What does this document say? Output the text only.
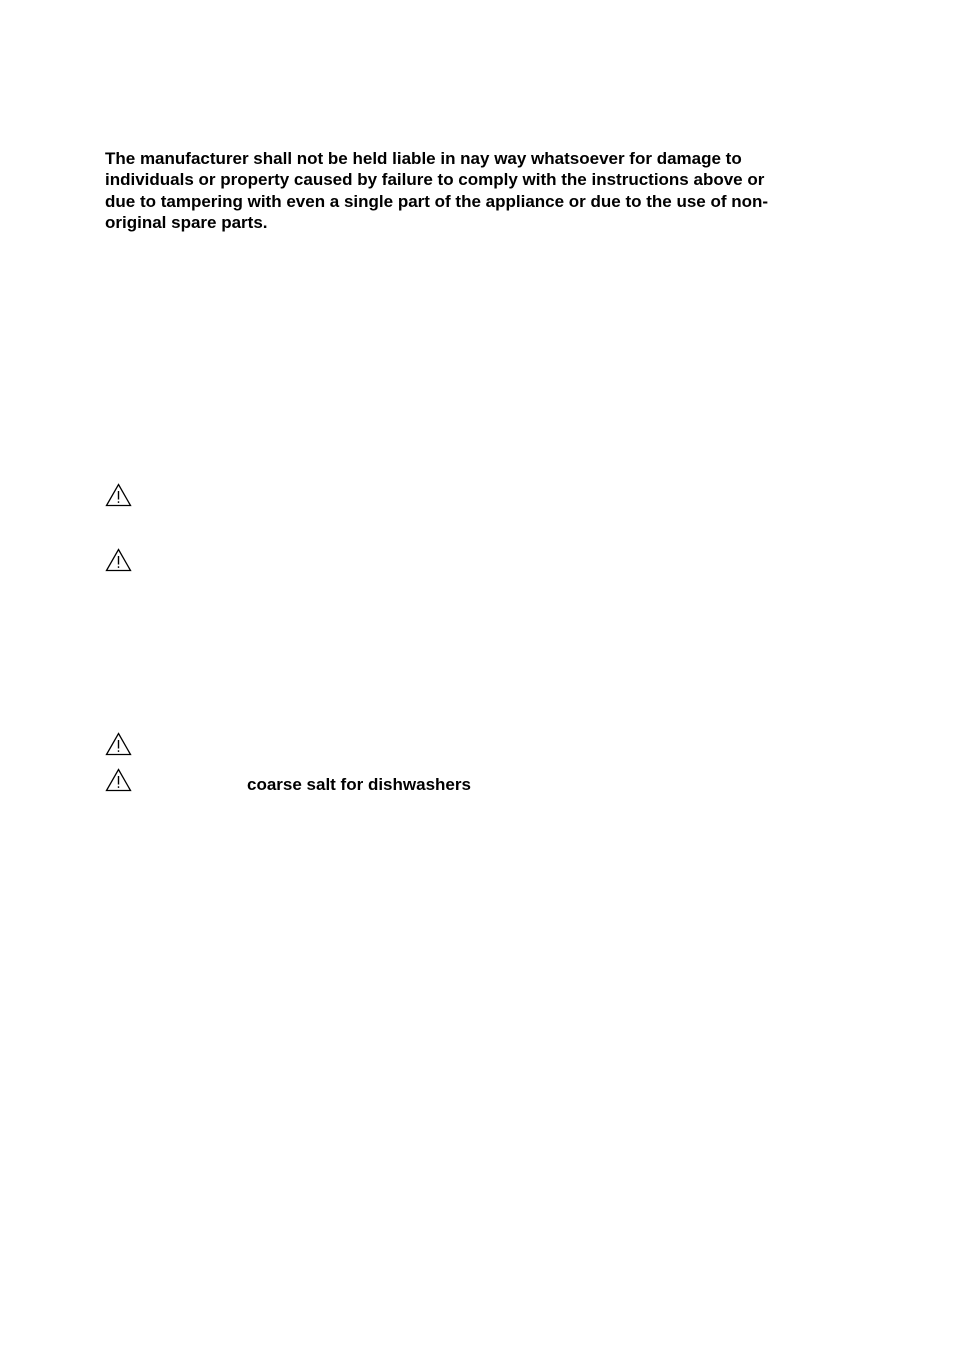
The manufacturer shall not be held liable in nay way whatsoever for damage to
individuals or property caused by failure to comply with the instructions above or
due to tampering with even a single part of the appliance or due to the use of non-
original spare parts.

coarse salt for dishwashers
